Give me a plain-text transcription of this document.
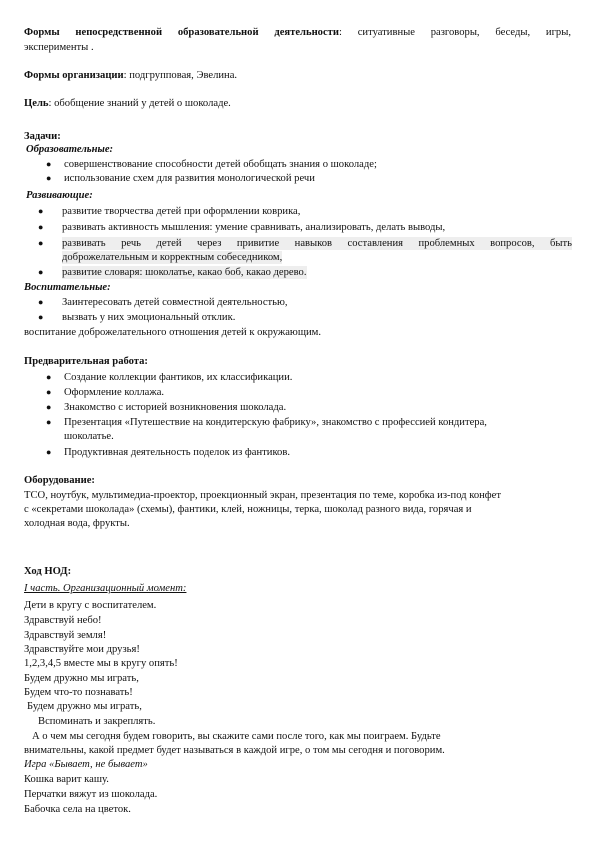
Формы непосредственной образовательной деятельности: ситуативные разговоры, беседы, игры,
эксперименты .
Формы организации: подгрупповая, Эвелина.
Цель: обобщение знаний у детей о шоколаде.
Задачи:
Образовательные:
● совершенствование способности детей обобщать знания о шоколаде;
● использование схем для развития монологической речи
Развивающие:
● развитие творчества детей при оформлении коврика,
● развивать активность мышления: умение сравнивать, анализировать, делать выводы,
● развивать речь детей через привитие навыков составления проблемных вопросов, быть
доброжелательным и корректным собеседником,
● развитие словаря: шоколатье, какао боб, какао дерево.
Воспитательные:
● Заинтересовать детей совместной деятельностью,
● вызвать у них эмоциональный отклик.
воспитание доброжелательного отношения детей к окружающим.
Предварительная работа:
● Создание коллекции фантиков, их классификации.
● Оформление коллажа.
● Знакомство с историей возникновения шоколада.
● Презентация «Путешествие на кондитерскую фабрику», знакомство с профессией кондитера,
шоколатье.
● Продуктивная деятельность поделок из фантиков.
Оборудование:
ТСО, ноутбук, мультимедиа-проектор, проекционный экран, презентация по теме, коробка из-под конфет
с «секретами шоколада» (схемы), фантики, клей, ножницы, терка, шоколад разного вида, горячая и
холодная вода, фрукты.
Ход НОД:
I часть. Организационный момент:
Дети в кругу с воспитателем.
Здравствуй небо!
Здравствуй земля!
Здравствуйте мои друзья!
1,2,3,4,5 вместе мы в кругу опять!
Будем дружно мы играть,
Будем что-то познавать!
Будем дружно мы играть,
Вспоминать и закреплять.
А о чем мы сегодня будем говорить, вы скажите сами после того, как мы поиграем. Будьте
внимательны, какой предмет будет называться в каждой игре, о том мы сегодня и поговорим.
Игра «Бывает, не бывает»
Кошка варит кашу.
Перчатки вяжут из шоколада.
Бабочка села на цветок.
